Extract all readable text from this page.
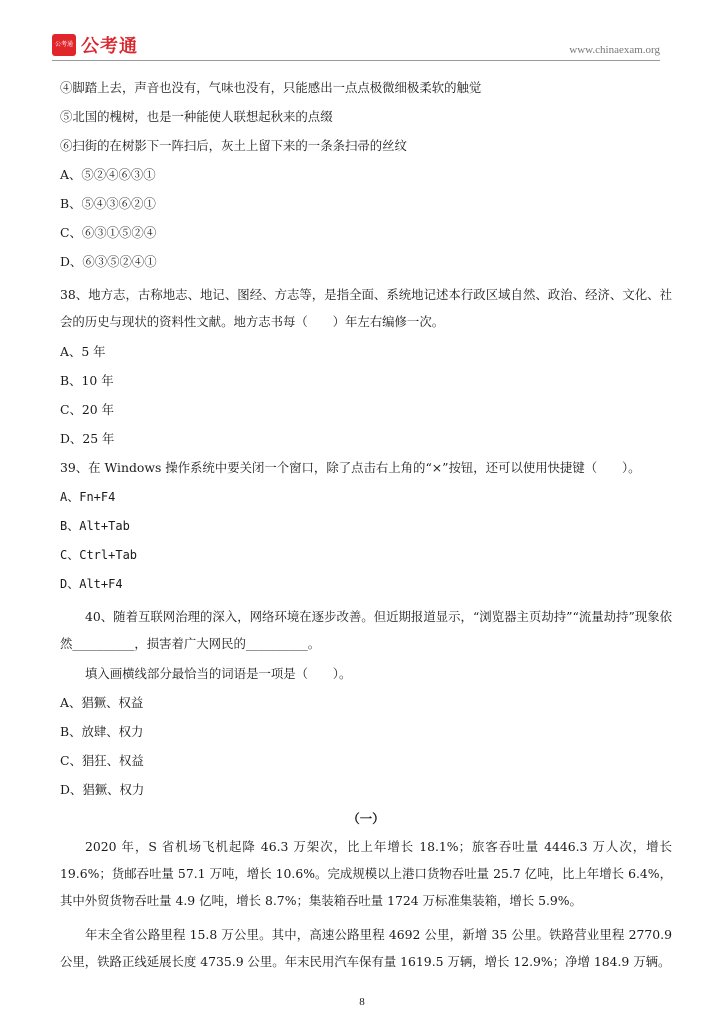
公考通 公考通	www.chinaexam.org
④脚踏上去，声音也没有，气味也没有，只能感出一点点极微细极柔软的触觉
⑤北国的槐树，也是一种能使人联想起秋来的点缀
⑥扫街的在树影下一阵扫后，灰土上留下来的一条条扫帚的丝纹
A、⑤②④⑥③①
B、⑤④③⑥②①
C、⑥③①⑤②④
D、⑥③⑤②④①

38、地方志，古称地志、地记、图经、方志等，是指全面、系统地记述本行政区域自然、政治、经济、文化、社会的历史与现状的资料性文献。地方志书每（　　）年左右编修一次。

A、5 年
B、10 年
C、20 年
D、25 年
39、在 Windows 操作系统中要关闭一个窗口，除了点击右上角的“×”按钮，还可以使用快捷键（　　）。
A、Fn+F4
B、Alt+Tab
C、Ctrl+Tab
D、Alt+F4

40、随着互联网治理的深入，网络环境在逐步改善。但近期报道显示，“浏览器主页劫持”“流量劫持”现象依然__________，损害着广大网民的__________。

填入画横线部分最恰当的词语是一项是（　　）。
A、猖獗、权益
B、放肆、权力
C、猖狂、权益
D、猖獗、权力
（一）

2020 年，S 省机场飞机起降 46.3 万架次，比上年增长 18.1%；旅客吞吐量 4446.3 万人次，增长 19.6%；货邮吞吐量 57.1 万吨，增长 10.6%。完成规模以上港口货物吞吐量 25.7 亿吨，比上年增长 6.4%，其中外贸货物吞吐量 4.9 亿吨，增长 8.7%；集装箱吞吐量 1724 万标准集装箱，增长 5.9%。

年末全省公路里程 15.8 万公里。其中，高速公路里程 4692 公里，新增 35 公里。铁路营业里程 2770.9 公里，铁路正线延展长度 4735.9 公里。年末民用汽车保有量 1619.5 万辆，增长 12.9%；净增 184.9 万辆。

8
